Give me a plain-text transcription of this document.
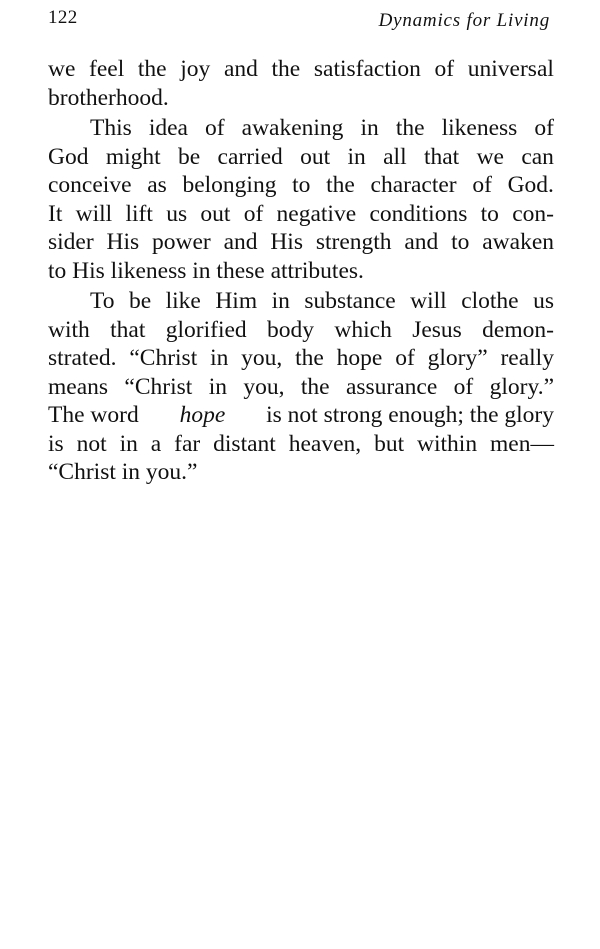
122	Dynamics for Living
we feel the joy and the satisfaction of universal
brotherhood.
This idea of awakening in the likeness of
God might be carried out in all that we can
conceive as belonging to the character of God.
It will lift us out of negative conditions to con-
sider His power and His strength and to awaken
to His likeness in these attributes.
To be like Him in substance will clothe us
with that glorified body which Jesus demon-
strated. “Christ in you, the hope of glory” really
means “Christ in you, the assurance of glory.”
The word hope is not strong enough; the glory
is not in a far distant heaven, but within men—
“Christ in you.”
